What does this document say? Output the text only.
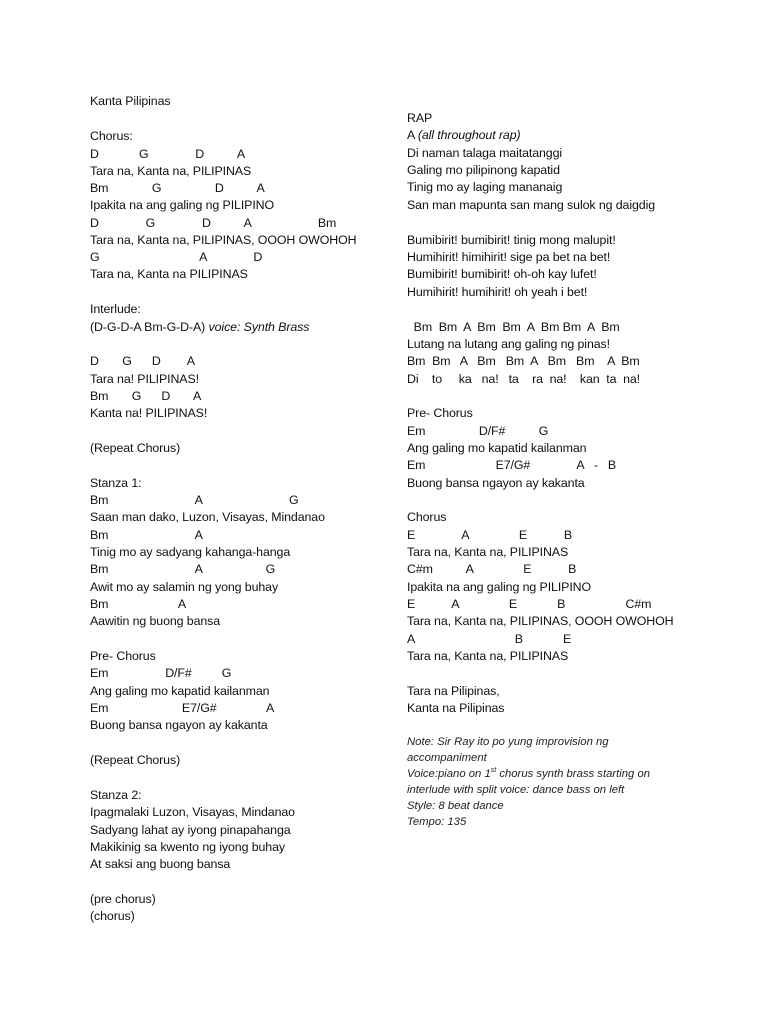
Kanta Pilipinas
Chorus:
D            G              D          A
Tara na, Kanta na, PILIPINAS
Bm             G                D          A
Ipakita na ang galing ng PILIPINO
D              G              D          A                    Bm
Tara na, Kanta na, PILIPINAS, OOOH OWOHOH
G                              A              D
Tara na, Kanta na PILIPINAS
Interlude:
(D-G-D-A Bm-G-D-A) voice: Synth Brass
D       G      D        A
Tara na! PILIPINAS!
Bm       G      D       A
Kanta na! PILIPINAS!
(Repeat Chorus)
Stanza 1:
Bm                          A                          G
Saan man dako, Luzon, Visayas, Mindanao
Bm                          A
Tinig mo ay sadyang kahanga-hanga
Bm                          A                   G
Awit mo ay salamin ng yong buhay
Bm                     A
Aawitin ng buong bansa
Pre- Chorus
Em                 D/F#         G
Ang galing mo kapatid kailanman
Em                      E7/G#               A
Buong bansa ngayon ay kakanta
(Repeat Chorus)
Stanza 2:
Ipagmalaki Luzon, Visayas, Mindanao
Sadyang lahat ay iyong pinapahanga
Makikinig sa kwento ng iyong buhay
At saksi ang buong bansa
(pre chorus)
(chorus)
RAP
A (all throughout rap)
Di naman talaga maitatanggi
Galing mo pilipinong kapatid
Tinig mo ay laging mananaig
San man mapunta san mang sulok ng daigdig
Bumibirit! bumibirit! tinig mong malupit!
Humihirit! himihirit! sige pa bet na bet!
Bumibirit! bumibirit! oh-oh kay lufet!
Humihirit! humihirit! oh yeah i bet!
Bm  Bm  A  Bm  Bm  A  Bm Bm  A  Bm
Lutang na lutang ang galing ng pinas!
Bm  Bm   A   Bm   Bm  A   Bm   Bm    A  Bm
Di    to     ka   na!   ta    ra  na!    kan  ta  na!
Pre- Chorus
Em                D/F#          G
Ang galing mo kapatid kailanman
Em                     E7/G#              A   -   B
Buong bansa ngayon ay kakanta
Chorus
E              A               E           B
Tara na, Kanta na, PILIPINAS
C#m          A               E           B
Ipakita na ang galing ng PILIPINO
E           A               E            B                  C#m
Tara na, Kanta na, PILIPINAS, OOOH OWOHOH
A                              B            E
Tara na, Kanta na, PILIPINAS
Tara na Pilipinas,
Kanta na Pilipinas
Note: Sir Ray ito po yung improvision ng
accompaniment
Voice:piano on 1st chorus synth brass starting on
interlude with split voice: dance bass on left
Style: 8 beat dance
Tempo: 135
